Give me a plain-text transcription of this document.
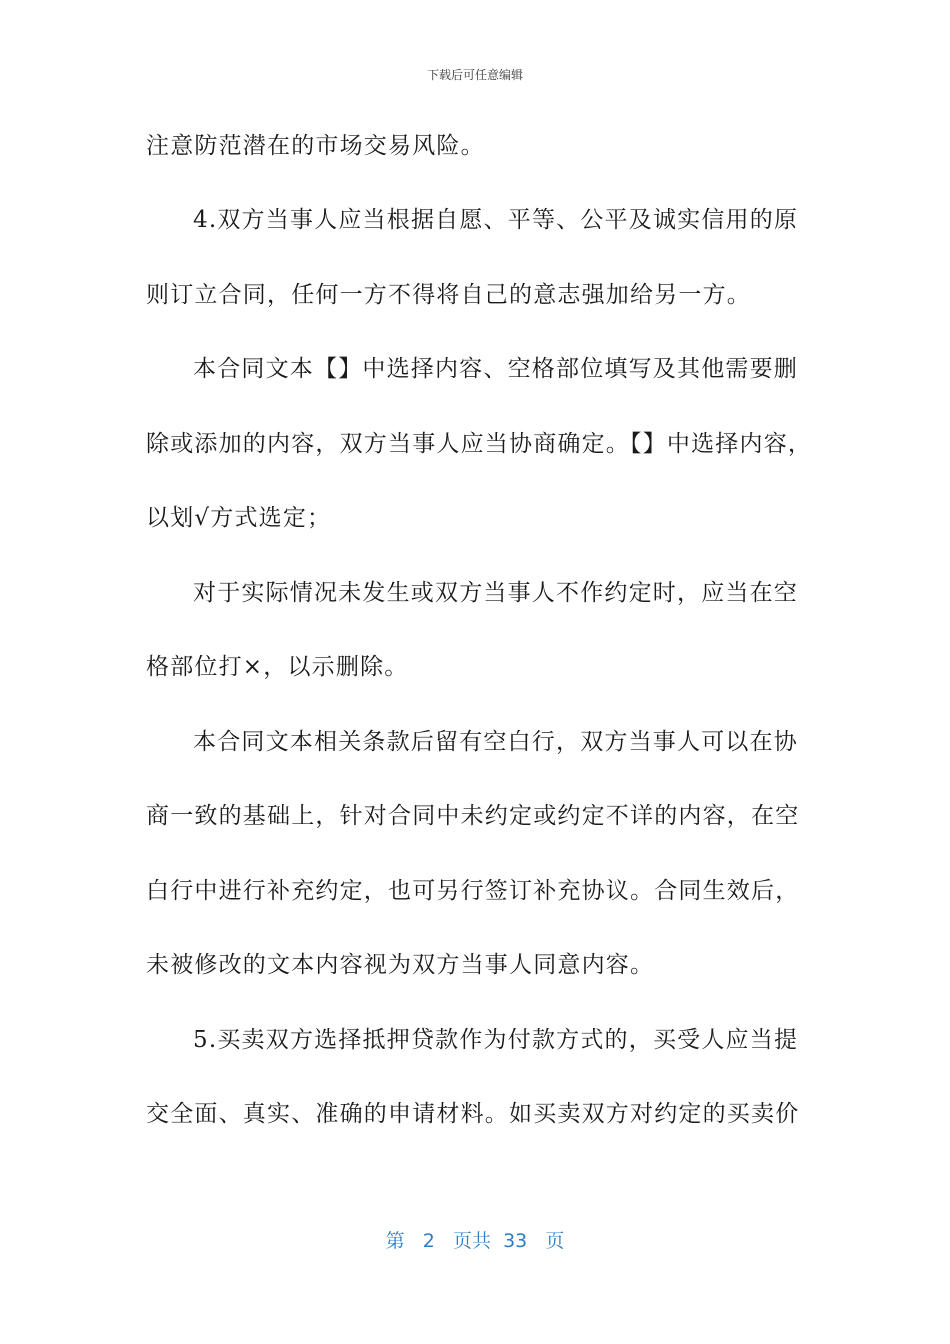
下载后可任意编辑
注意防范潜在的市场交易风险。
4.双方当事人应当根据自愿、平等、公平及诚实信用的原
则订立合同，任何一方不得将自己的意志强加给另一方。
本合同文本【】中选择内容、空格部位填写及其他需要删
除或添加的内容，双方当事人应当协商确定。【】中选择内容，
以划√方式选定；
对于实际情况未发生或双方当事人不作约定时，应当在空
格部位打×，以示删除。
本合同文本相关条款后留有空白行，双方当事人可以在协
商一致的基础上，针对合同中未约定或约定不详的内容，在空
白行中进行补充约定，也可另行签订补充协议。合同生效后，
未被修改的文本内容视为双方当事人同意内容。
5.买卖双方选择抵押贷款作为付款方式的，买受人应当提
交全面、真实、准确的申请材料。如买卖双方对约定的买卖价
第 2 页共 33 页
